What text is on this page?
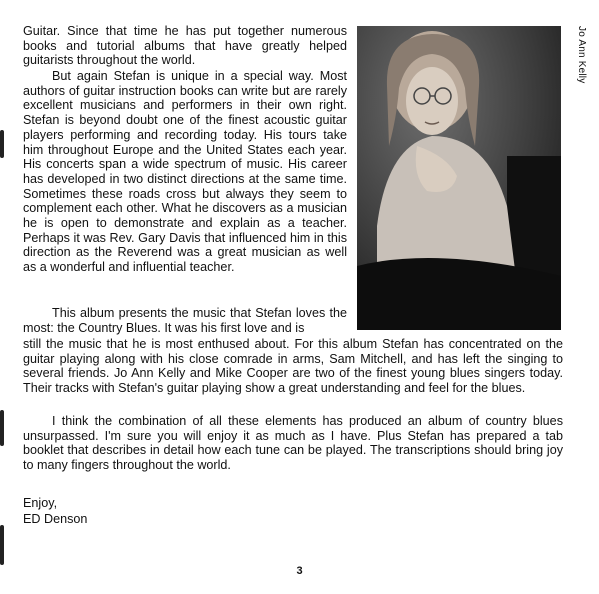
Guitar. Since that time he has put together numerous books and tutorial albums that have greatly helped guitarists throughout the world.

But again Stefan is unique in a special way. Most authors of guitar instruction books can write but are rarely excellent musicians and performers in their own right. Stefan is beyond doubt one of the finest acoustic guitar players performing and recording today. His tours take him throughout Europe and the United States each year. His concerts span a wide spectrum of music. His career has developed in two distinct directions at the same time. Sometimes these roads cross but always they seem to complement each other. What he discovers as a musician he is open to demonstrate and explain as a teacher. Perhaps it was Rev. Gary Davis that influenced him in this direction as the Reverend was a great musician as well as a wonderful and influential teacher.

This album presents the music that Stefan loves the most: the Country Blues. It was his first love and is

still the music that he is most enthused about. For this album Stefan has concentrated on the guitar playing along with his close comrade in arms, Sam Mitchell, and has left the singing to several friends. Jo Ann Kelly and Mike Cooper are two of the finest young blues singers today. Their tracks with Stefan's guitar playing show a great understanding and feel for the blues.

I think the combination of all these elements has produced an album of country blues unsurpassed. I'm sure you will enjoy it as much as I have. Plus Stefan has prepared a tab booklet that describes in detail how each tune can be played. The transcriptions should bring joy to many fingers throughout the world.

Jo Ann Kelly
Enjoy,
ED Denson
3
